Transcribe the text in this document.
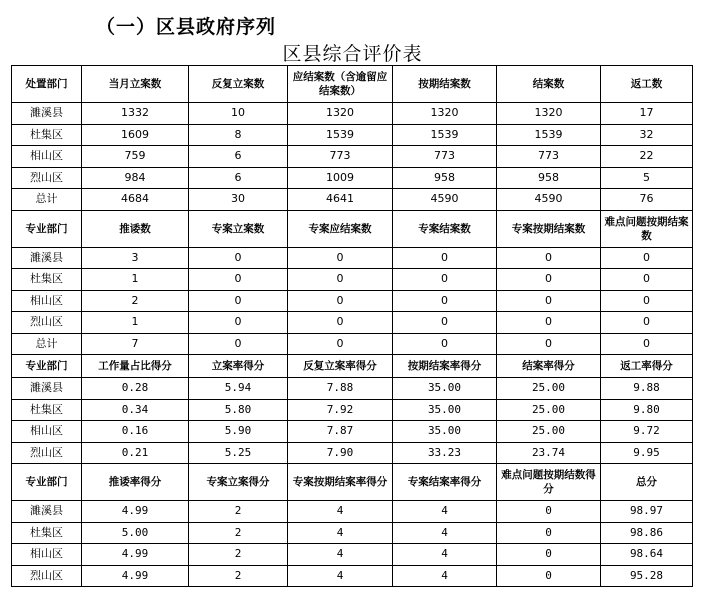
（一）区县政府序列
区县综合评价表
处置部门	当月立案数	反复立案数	应结案数（含逾留应结案数）	按期结案数	结案数	返工数
濉溪县	1332	10	1320	1320	1320	17
杜集区	1609	8	1539	1539	1539	32
相山区	759	6	773	773	773	22
烈山区	984	6	1009	958	958	5
总计	4684	30	4641	4590	4590	76
专业部门	推诿数	专案立案数	专案应结案数	专案结案数	专案按期结案数	难点问题按期结案数
濉溪县	3	0	0	0	0	0
杜集区	1	0	0	0	0	0
相山区	2	0	0	0	0	0
烈山区	1	0	0	0	0	0
总计	7	0	0	0	0	0
专业部门	工作量占比得分	立案率得分	反复立案率得分	按期结案率得分	结案率得分	返工率得分
濉溪县	0.28	5.94	7.88	35.00	25.00	9.88
杜集区	0.34	5.80	7.92	35.00	25.00	9.80
相山区	0.16	5.90	7.87	35.00	25.00	9.72
烈山区	0.21	5.25	7.90	33.23	23.74	9.95
专业部门	推诿率得分	专案立案得分	专案按期结案率得分	专案结案率得分	难点问题按期结数得分	总分
濉溪县	4.99	2	4	4	0	98.97
杜集区	5.00	2	4	4	0	98.86
相山区	4.99	2	4	4	0	98.64
烈山区	4.99	2	4	4	0	95.28
